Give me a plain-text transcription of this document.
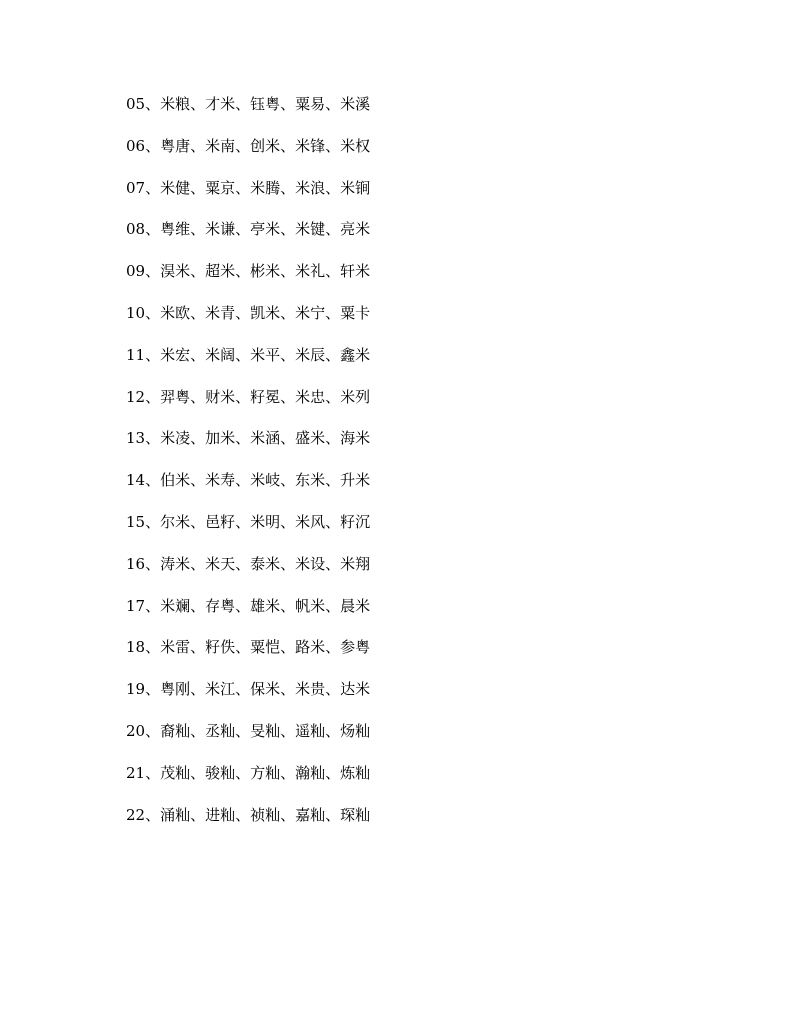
05、米粮、才米、钰粤、粟易、米溪
06、粤唐、米南、创米、米锋、米权
07、米健、粟京、米腾、米浪、米锏
08、粤维、米谦、亭米、米键、亮米
09、淏米、超米、彬米、米礼、轩米
10、米欧、米青、凯米、米宁、粟卡
11、米宏、米阔、米平、米辰、鑫米
12、羿粤、财米、籽冕、米忠、米列
13、米凌、加米、米涵、盛米、海米
14、伯米、米寿、米岐、东米、升米
15、尔米、邑籽、米明、米风、籽沉
16、涛米、米天、泰米、米设、米翔
17、米斓、存粤、雄米、帆米、晨米
18、米雷、籽佚、粟恺、路米、参粤
19、粤刚、米江、保米、米贵、达米
20、裔籼、丞籼、旻籼、遥籼、炀籼
21、茂籼、骏籼、方籼、瀚籼、炼籼
22、涌籼、进籼、祯籼、嘉籼、琛籼
